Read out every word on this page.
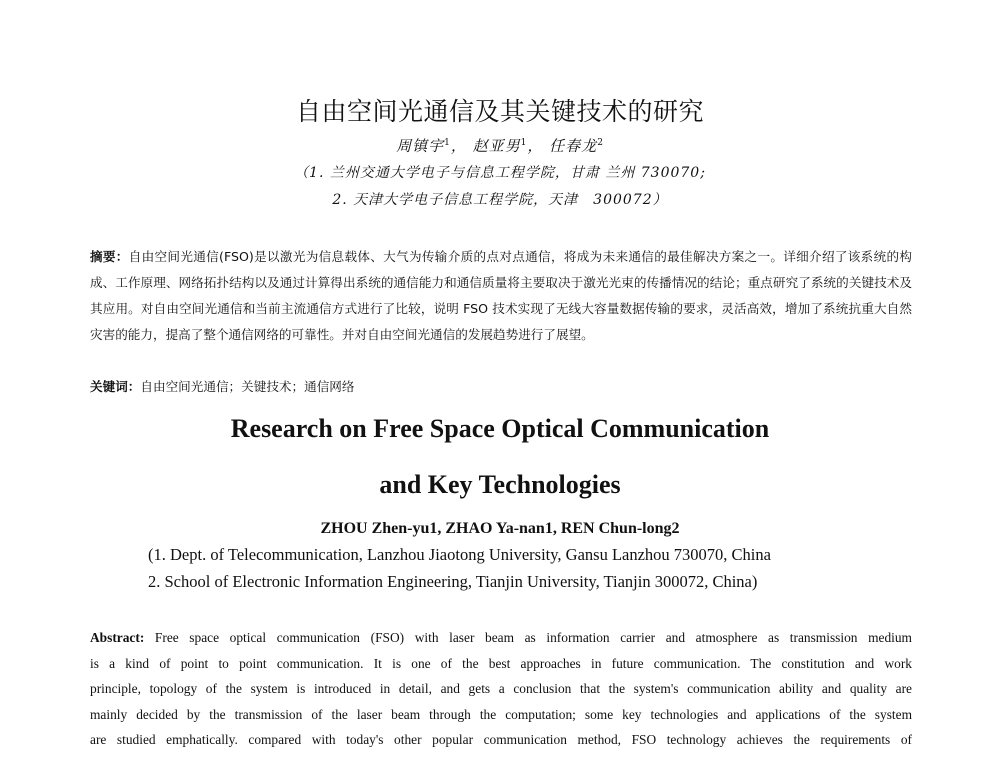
自由空间光通信及其关键技术的研究
周镇宇$^1$， 赵亚男$^1$， 任春龙$^2$
（1. 兰州交通大学电子与信息工程学院，甘肃 兰州 730070;
2. 天津大学电子信息工程学院，天津　300072）
摘要：自由空间光通信(FSO)是以激光为信息载体、大气为传输介质的点对点通信，将成为未来通信的最佳解决方案之一。详细介绍了该系统的构成、工作原理、网络拓扑结构以及通过计算得出系统的通信能力和通信质量将主要取决于激光光束的传播情况的结论；重点研究了系统的关键技术及其应用。对自由空间光通信和当前主流通信方式进行了比较，说明 FSO 技术实现了无线大容量数据传输的要求，灵活高效，增加了系统抗重大自然灾害的能力，提高了整个通信网络的可靠性。并对自由空间光通信的发展趋势进行了展望。
关键词：自由空间光通信；关键技术；通信网络
Research on Free Space Optical Communication
and Key Technologies
ZHOU Zhen-yu1, ZHAO Ya-nan1, REN Chun-long2
(1. Dept. of Telecommunication, Lanzhou Jiaotong University, Gansu Lanzhou 730070, China
2. School of Electronic Information Engineering, Tianjin University, Tianjin 300072, China)
Abstract: Free space optical communication (FSO) with laser beam as information carrier and atmosphere as transmission medium
is a kind of point to point communication. It is one of the best approaches in future communication. The constitution and work
principle, topology of the system is introduced in detail, and gets a conclusion that the system's communication ability and quality are
mainly decided by the transmission of the laser beam through the computation; some key technologies and applications of the system
are studied emphatically. compared with today's other popular communication method, FSO technology achieves the requirements of
